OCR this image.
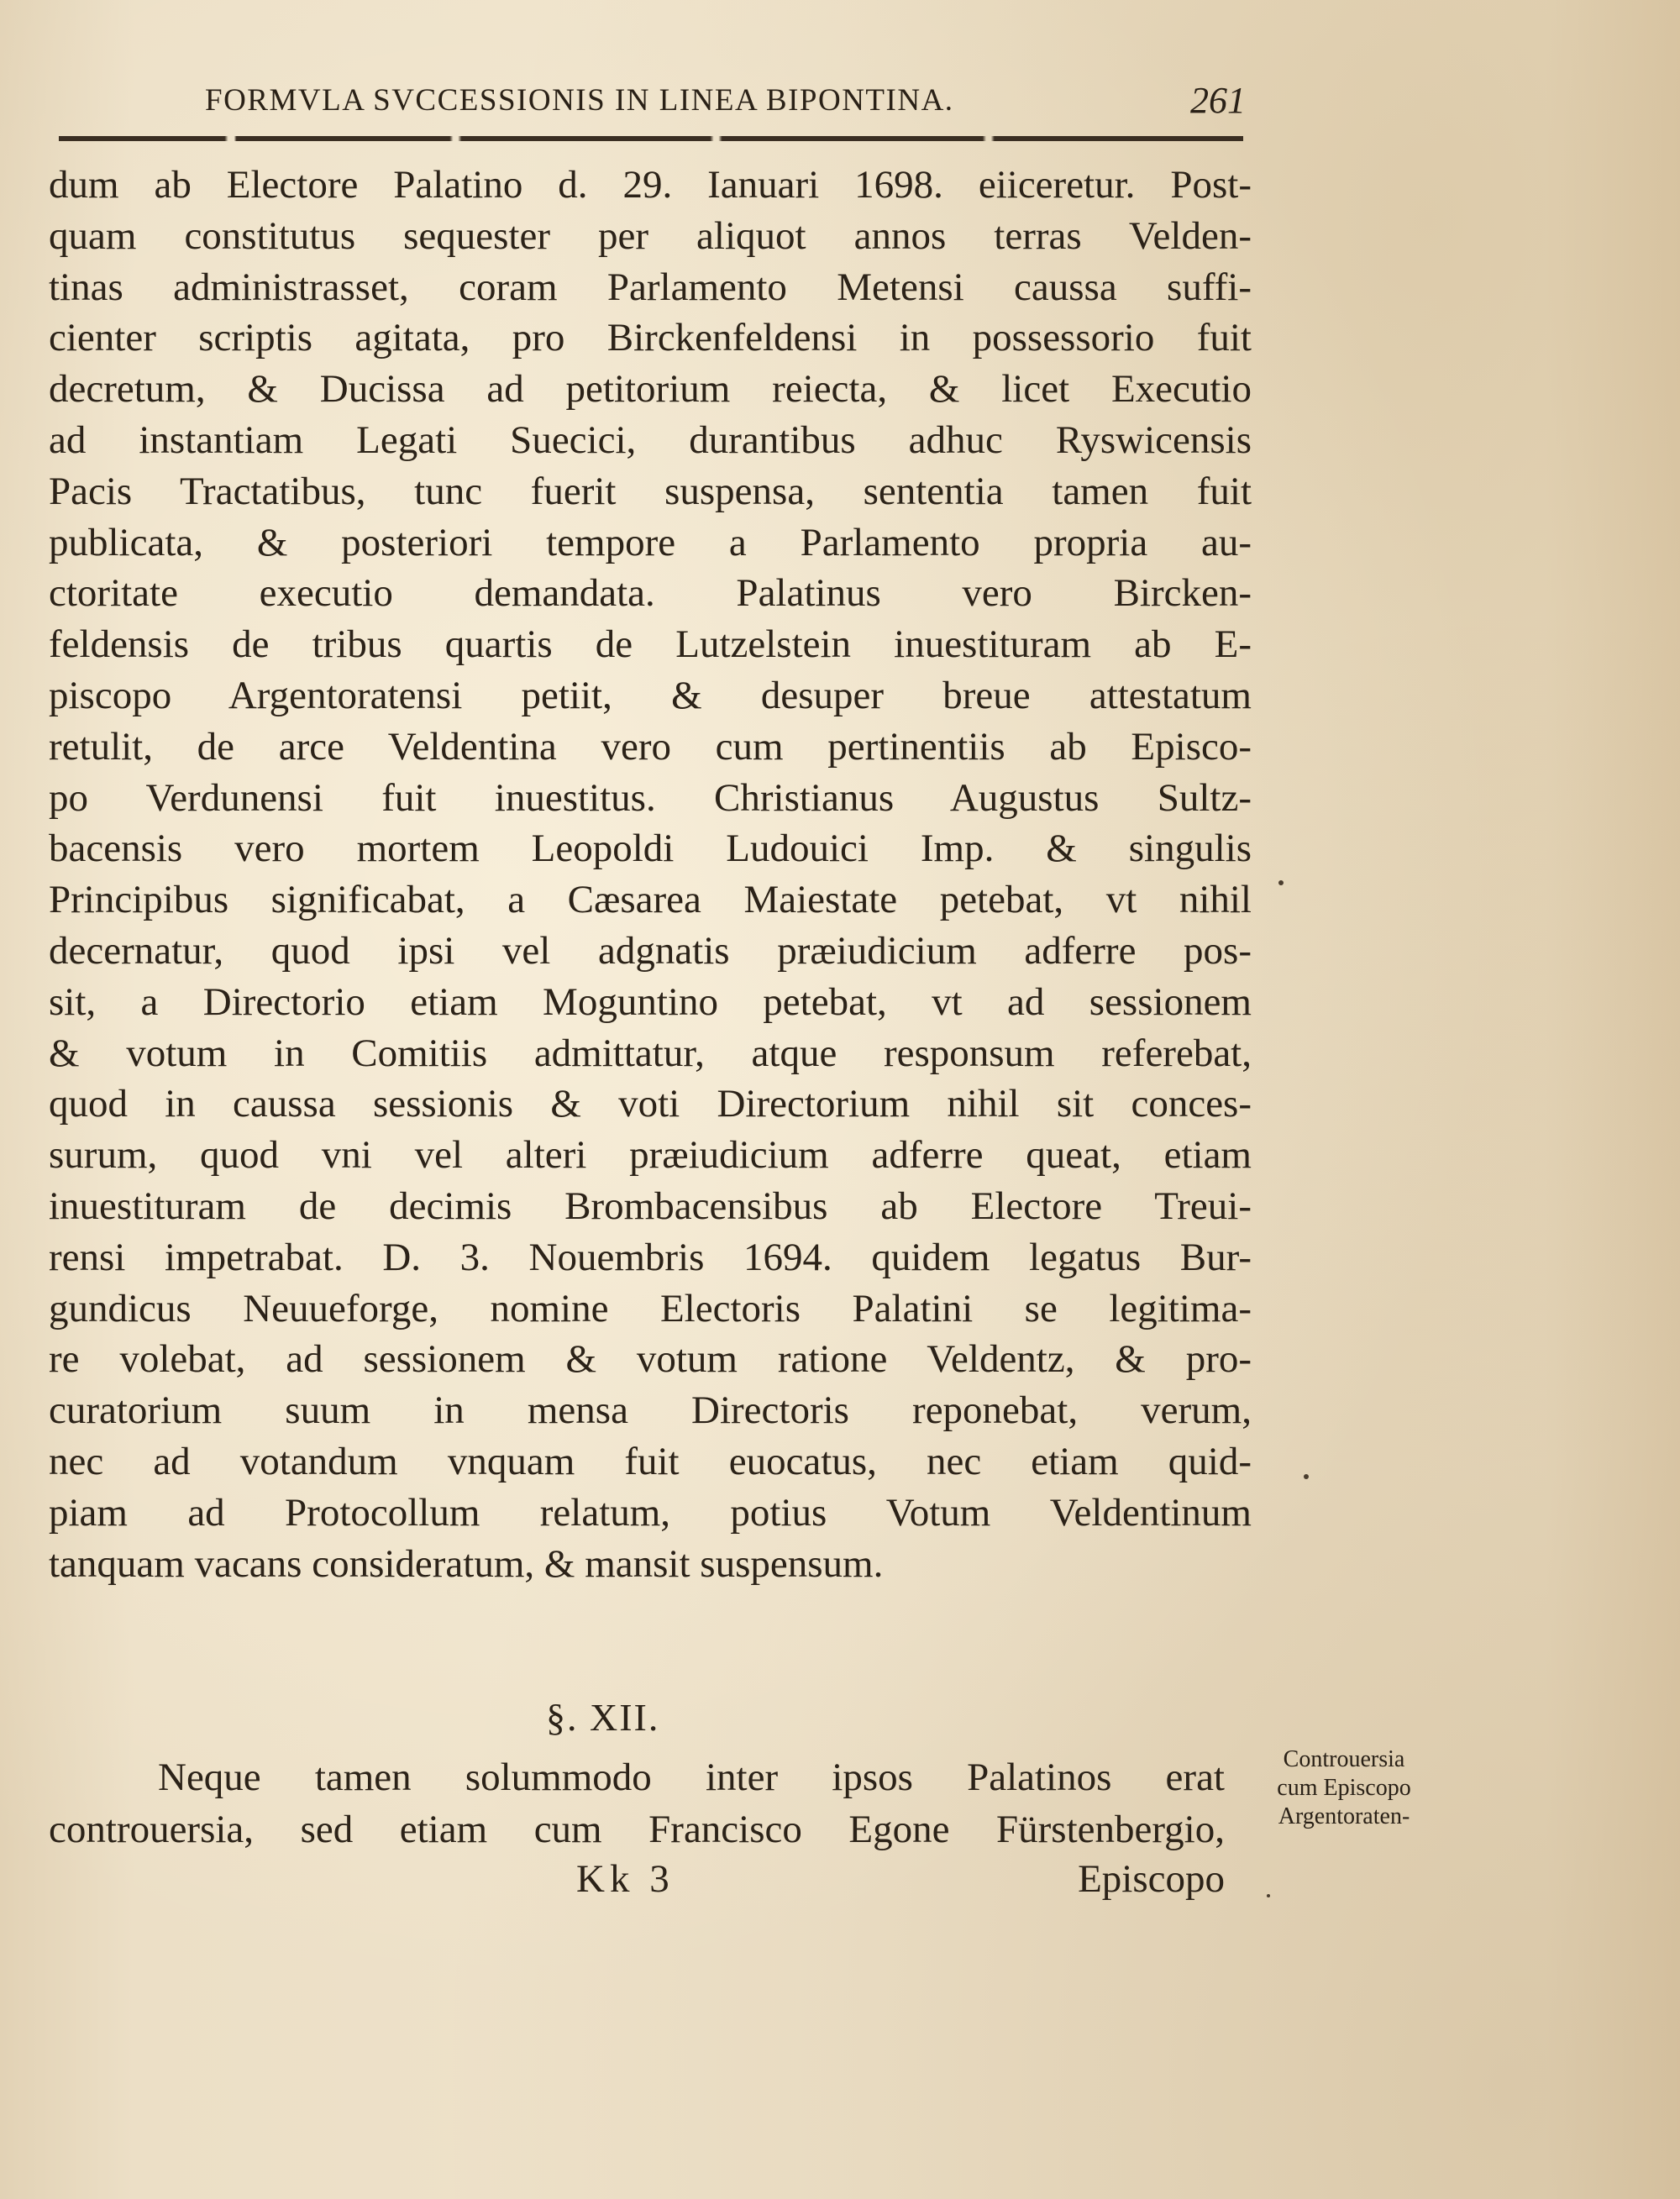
FORMVLA SVCCESSIONIS IN LINEA BIPONTINA.	261
dum ab Electore Palatino d. 29. Ianuari 1698. eiiceretur. Post-
quam constitutus sequester per aliquot annos terras Velden-
tinas administrasset, coram Parlamento Metensi caussa suffi-
cienter scriptis agitata, pro Birckenfeldensi in possessorio fuit
decretum, & Ducissa ad petitorium reiecta, & licet Executio
ad instantiam Legati Suecici, durantibus adhuc Ryswicensis
Pacis Tractatibus, tunc fuerit suspensa, sententia tamen fuit
publicata, & posteriori tempore a Parlamento propria au-
ctoritate executio demandata. Palatinus vero Bircken-
feldensis de tribus quartis de Lutzelstein inuestituram ab E-
piscopo Argentoratensi petiit, & desuper breue attestatum
retulit, de arce Veldentina vero cum pertinentiis ab Episco-
po Verdunensi fuit inuestitus. Christianus Augustus Sultz-
bacensis vero mortem Leopoldi Ludouici Imp. & singulis
Principibus significabat, a Cæsarea Maiestate petebat, vt nihil
decernatur, quod ipsi vel adgnatis præiudicium adferre pos-
sit, a Directorio etiam Moguntino petebat, vt ad sessionem
& votum in Comitiis admittatur, atque responsum referebat,
quod in caussa sessionis & voti Directorium nihil sit conces-
surum, quod vni vel alteri præiudicium adferre queat, etiam
inuestituram de decimis Brombacensibus ab Electore Treui-
rensi impetrabat. D. 3. Nouembris 1694. quidem legatus Bur-
gundicus Neuueforge, nomine Electoris Palatini se legitima-
re volebat, ad sessionem & votum ratione Veldentz, & pro-
curatorium suum in mensa Directoris reponebat, verum,
nec ad votandum vnquam fuit euocatus, nec etiam quid-
piam ad Protocollum relatum, potius Votum Veldentinum
tanquam vacans consideratum, & mansit suspensum.
§. XII.
Neque tamen solummodo inter ipsos Palatinos erat
controuersia, sed etiam cum Francisco Egone Fürstenbergio,
Kk 3	Episcopo
Controuersia
cum Episcopo
Argentoraten-
